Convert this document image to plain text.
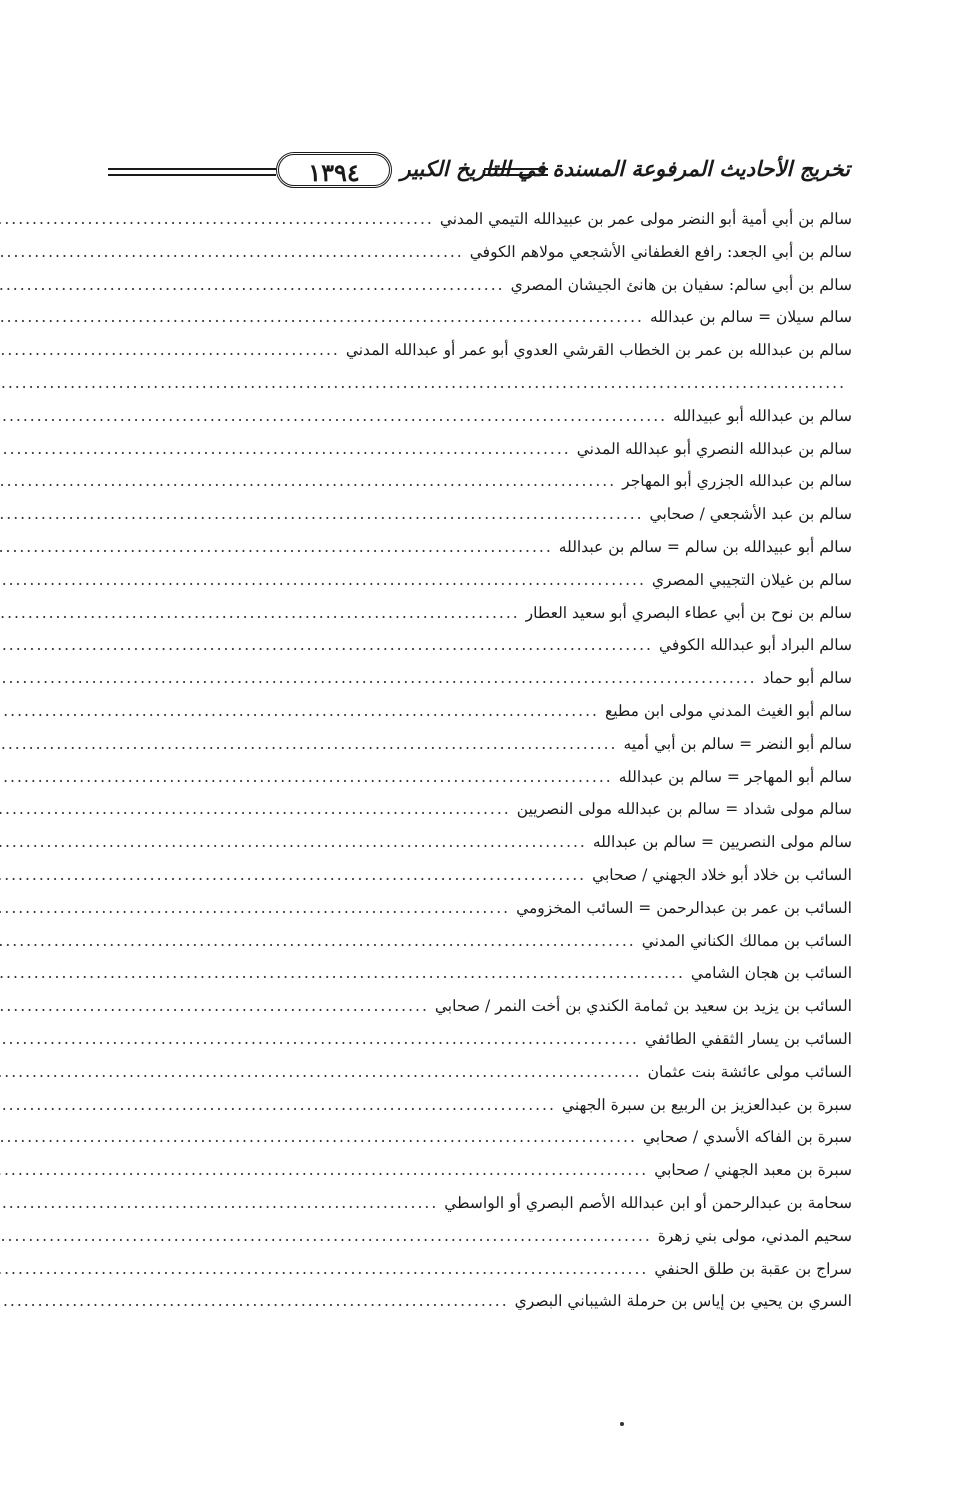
تخريج الأحاديث المرفوعة المسندة في التاريخ الكبير
١٣٩٤
سالم بن أبي أمية أبو النضر مولى عمر بن عبيدالله التيمي المدني
.....
سالم بن أبي الجعد: رافع الغطفاني الأشجعي مولاهم الكوفي
.....
سالم بن أبي سالم: سفيان بن هانئ الجيشان المصري
.....
سالم سيلان = سالم بن عبدالله
.....
سالم بن عبدالله بن عمر بن الخطاب القرشي العدوي أبو عمر أو عبدالله المدني
.....
.....
سالم بن عبدالله أبو عبيدالله
.....
سالم بن عبدالله النصري أبو عبدالله المدني
.....
سالم بن عبدالله الجزري أبو المهاجر
.....
سالم بن عبد الأشجعي / صحابي
.....
سالم أبو عبيدالله بن سالم = سالم بن عبدالله
.....
سالم بن غيلان التجيبي المصري
.....
سالم بن نوح بن أبي عطاء البصري أبو سعيد العطار
.....
سالم البراد أبو عبدالله الكوفي
.....
سالم أبو حماد
.....
سالم أبو الغيث المدني مولى ابن مطيع
.....
سالم أبو النضر = سالم بن أبي أميه
.....
سالم أبو المهاجر = سالم بن عبدالله
.....
سالم مولى شداد = سالم بن عبدالله مولى النصريين
.....
سالم مولى النصريين = سالم بن عبدالله
.....
السائب بن خلاد أبو خلاد الجهني / صحابي
.....
السائب بن عمر بن عبدالرحمن = السائب المخزومي
.....
السائب بن ممالك الكناني المدني
.....
السائب بن هجان الشامي
.....
السائب بن يزيد بن سعيد بن ثمامة الكندي بن أخت النمر / صحابي
.....
السائب بن يسار الثقفي الطائفي
.....
السائب مولى عائشة بنت عثمان
.....
سبرة بن عبدالعزيز بن الربيع بن سبرة الجهني
.....
سبرة بن الفاكه الأسدي / صحابي
.....
سبرة بن معبد الجهني / صحابي
.....
سحامة بن عبدالرحمن أو ابن عبدالله الأصم البصري أو الواسطي
.....
سحيم المدني، مولى بني زهرة
.....
سراج بن عقبة بن طلق الحنفي
.....
السري بن يحيي بن إياس بن حرملة الشيباني البصري
.....
